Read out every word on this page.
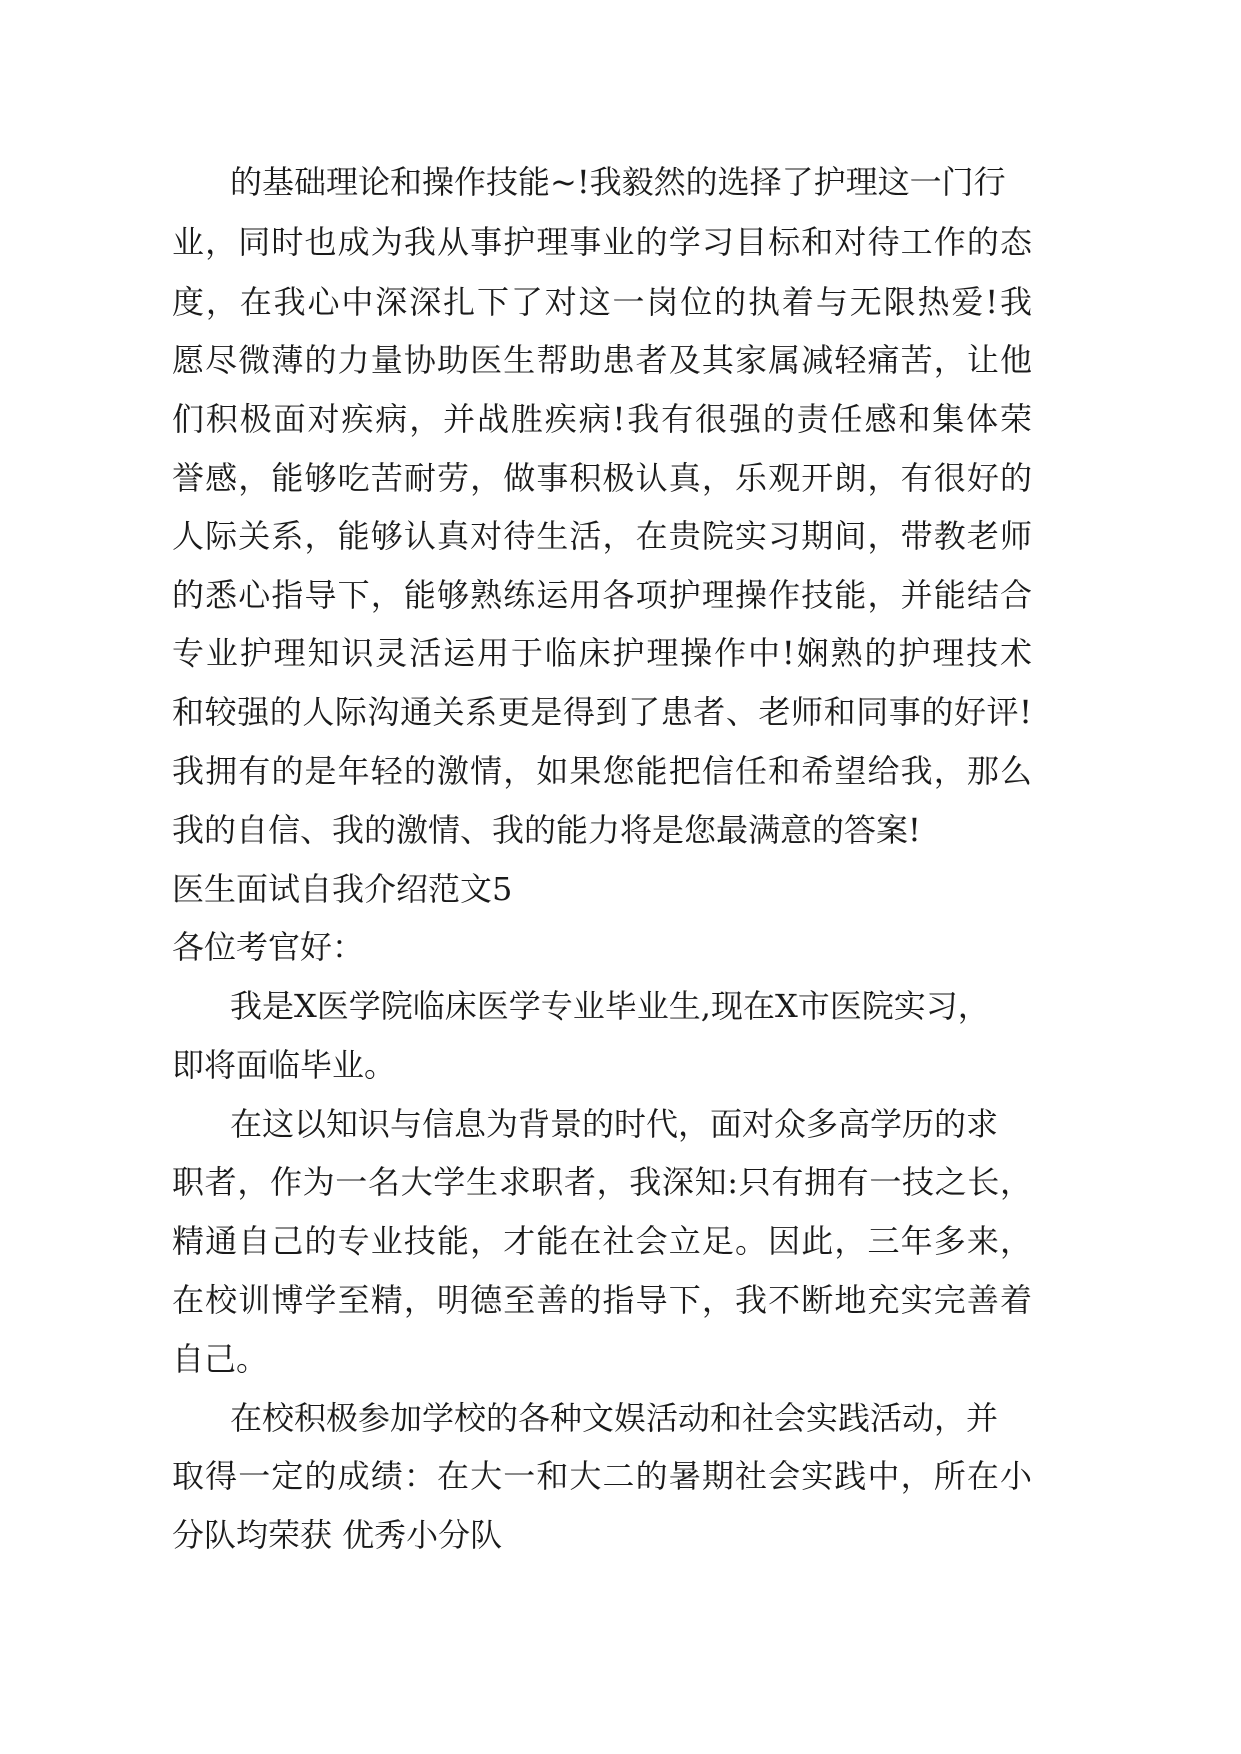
的基础理论和操作技能~!我毅然的选择了护理这一门行
业，同时也成为我从事护理事业的学习目标和对待工作的态
度，在我心中深深扎下了对这一岗位的执着与无限热爱!我
愿尽微薄的力量协助医生帮助患者及其家属减轻痛苦，让他
们积极面对疾病，并战胜疾病!我有很强的责任感和集体荣
誉感，能够吃苦耐劳，做事积极认真，乐观开朗，有很好的
人际关系，能够认真对待生活，在贵院实习期间，带教老师
的悉心指导下，能够熟练运用各项护理操作技能，并能结合
专业护理知识灵活运用于临床护理操作中!娴熟的护理技术
和较强的人际沟通关系更是得到了患者、老师和同事的好评!
我拥有的是年轻的激情，如果您能把信任和希望给我，那么
我的自信、我的激情、我的能力将是您最满意的答案!
医生面试自我介绍范文5
各位考官好：
我是X医学院临床医学专业毕业生,现在X市医院实习，
即将面临毕业。
在这以知识与信息为背景的时代，面对众多高学历的求
职者，作为一名大学生求职者，我深知:只有拥有一技之长，
精通自己的专业技能，才能在社会立足。因此，三年多来，
在校训博学至精，明德至善的指导下，我不断地充实完善着
自己。
在校积极参加学校的各种文娱活动和社会实践活动，并
取得一定的成绩：在大一和大二的暑期社会实践中，所在小
分队均荣获 优秀小分队
